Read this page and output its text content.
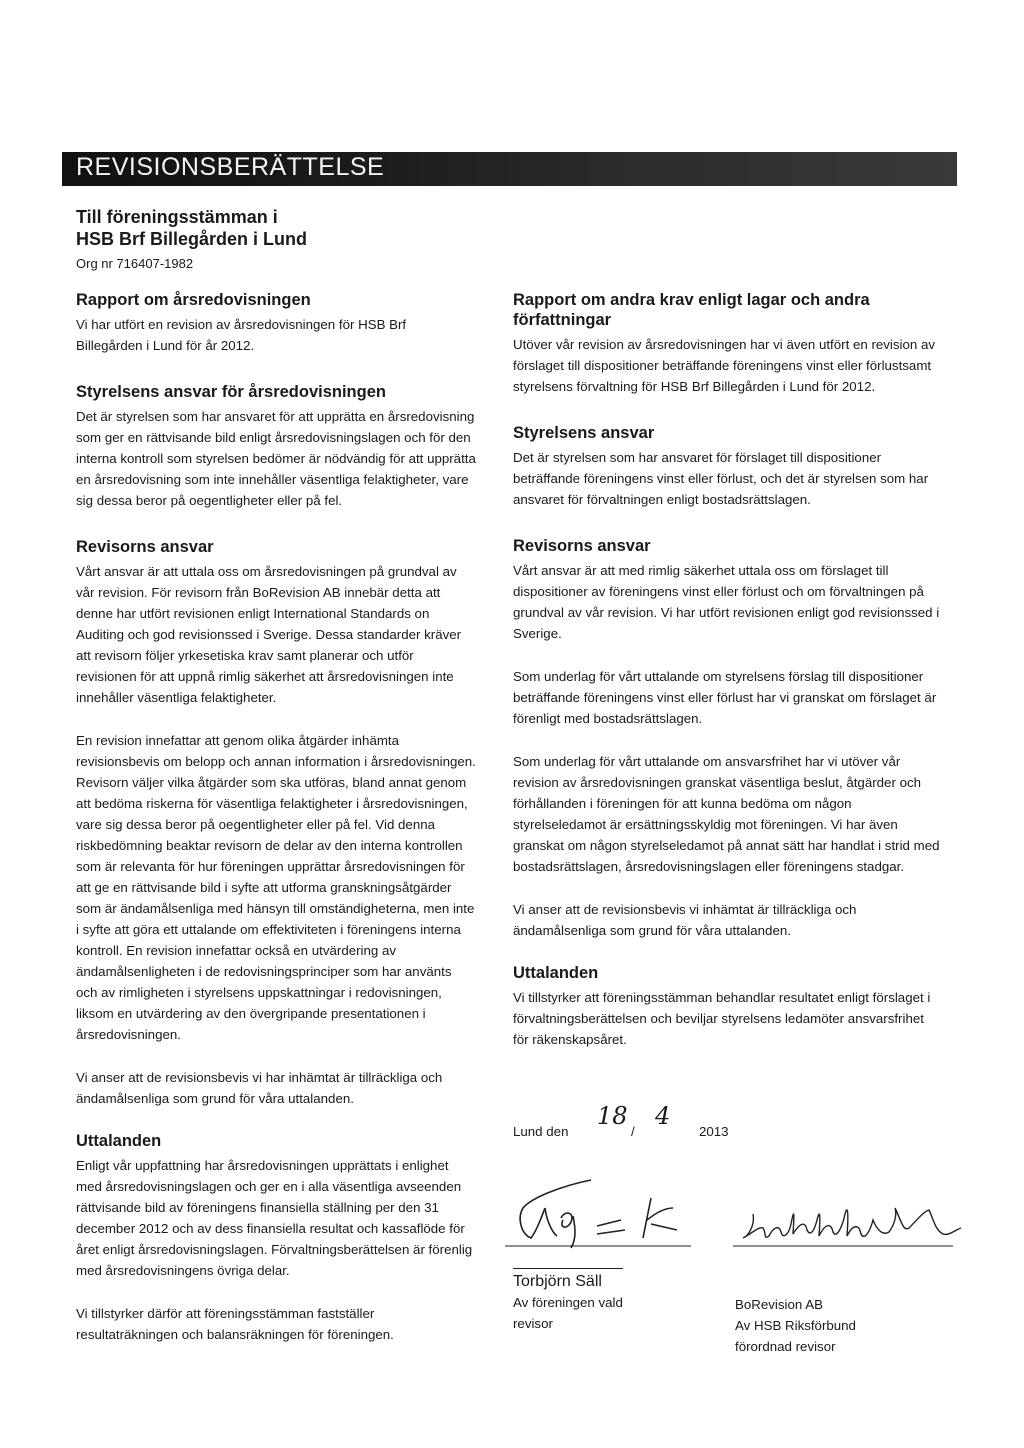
REVISIONSBERÄTTELSE
Till föreningsstämman i
HSB Brf Billegården i Lund
Org nr 716407-1982
Rapport om årsredovisningen

Vi har utfört en revision av årsredovisningen för HSB Brf Billegården i Lund för år 2012.

Styrelsens ansvar för årsredovisningen

Det är styrelsen som har ansvaret för att upprätta en årsredovisning som ger en rättvisande bild enligt årsredovisningslagen och för den interna kontroll som styrelsen bedömer är nödvändig för att upprätta en årsredovisning som inte innehåller väsentliga felaktigheter, vare sig dessa beror på oegentligheter eller på fel.

Revisorns ansvar

Vårt ansvar är att uttala oss om årsredovisningen på grundval av vår revision. För revisorn från BoRevision AB innebär detta att denne har utfört revisionen enligt International Standards on Auditing och god revisionssed i Sverige. Dessa standarder kräver att revisorn följer yrkesetiska krav samt planerar och utför revisionen för att uppnå rimlig säkerhet att årsredovisningen inte innehåller väsentliga felaktigheter.

En revision innefattar att genom olika åtgärder inhämta revisionsbevis om belopp och annan information i årsredovisningen. Revisorn väljer vilka åtgärder som ska utföras, bland annat genom att bedöma riskerna för väsentliga felaktigheter i årsredovisningen, vare sig dessa beror på oegentligheter eller på fel. Vid denna riskbedömning beaktar revisorn de delar av den interna kontrollen som är relevanta för hur föreningen upprättar årsredovisningen för att ge en rättvisande bild i syfte att utforma granskningsåtgärder som är ändamålsenliga med hänsyn till omständigheterna, men inte i syfte att göra ett uttalande om effektiviteten i föreningens interna kontroll. En revision innefattar också en utvärdering av ändamålsenligheten i de redovisningsprinciper som har använts och av rimligheten i styrelsens uppskattningar i redovisningen, liksom en utvärdering av den övergripande presentationen i årsredovisningen.

Vi anser att de revisionsbevis vi har inhämtat är tillräckliga och ändamålsenliga som grund för våra uttalanden.

Uttalanden

Enligt vår uppfattning har årsredovisningen upprättats i enlighet med årsredovisningslagen och ger en i alla väsentliga avseenden rättvisande bild av föreningens finansiella ställning per den 31 december 2012 och av dess finansiella resultat och kassaflöde för året enligt årsredovisningslagen. Förvaltningsberättelsen är förenlig med årsredovisningens övriga delar.

Vi tillstyrker därför att föreningsstämman fastställer resultaträkningen och balansräkningen för föreningen.

Rapport om andra krav enligt lagar och andra författningar

Utöver vår revision av årsredovisningen har vi även utfört en revision av förslaget till dispositioner beträffande föreningens vinst eller förlustsamt styrelsens förvaltning för HSB Brf Billegården i Lund för 2012.

Styrelsens ansvar

Det är styrelsen som har ansvaret för förslaget till dispositioner beträffande föreningens vinst eller förlust, och det är styrelsen som har ansvaret för förvaltningen enligt bostadsrättslagen.

Revisorns ansvar

Vårt ansvar är att med rimlig säkerhet uttala oss om förslaget till dispositioner av föreningens vinst eller förlust och om förvaltningen på grundval av vår revision. Vi har utfört revisionen enligt god revisionssed i Sverige.

Som underlag för vårt uttalande om styrelsens förslag till dispositioner beträffande föreningens vinst eller förlust har vi granskat om förslaget är förenligt med bostadsrättslagen.

Som underlag för vårt uttalande om ansvarsfrihet har vi utöver vår revision av årsredovisningen granskat väsentliga beslut, åtgärder och förhållanden i föreningen för att kunna bedöma om någon styrelseledamot är ersättningsskyldig mot föreningen. Vi har även granskat om någon styrelseledamot på annat sätt har handlat i strid med bostadsrättslagen, årsredovisningslagen eller föreningens stadgar.

Vi anser att de revisionsbevis vi inhämtat är tillräckliga och ändamålsenliga som grund för våra uttalanden.

Uttalanden

Vi tillstyrker att föreningsstämman behandlar resultatet enligt förslaget i förvaltningsberättelsen och beviljar styrelsens ledamöter ansvarsfrihet för räkenskapsåret.

Lund den
18
/
4
2013
Torbjörn Säll
Av föreningen vald
revisor
BoRevision AB
Av HSB Riksförbund
förordnad revisor
